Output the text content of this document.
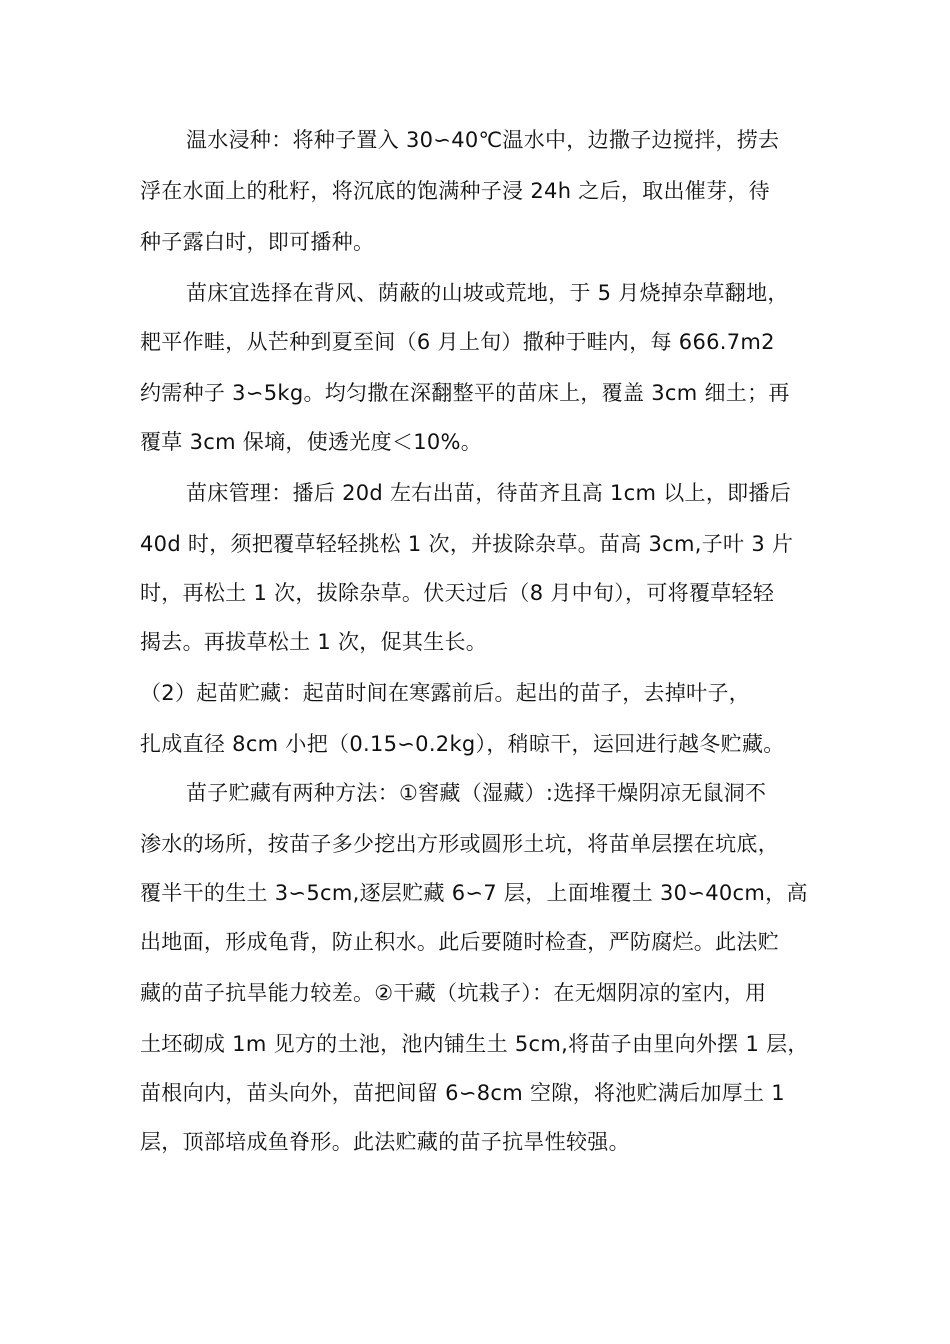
温水浸种：将种子置入 30∽40℃温水中，边撒子边搅拌，捞去
浮在水面上的秕籽，将沉底的饱满种子浸 24h 之后，取出催芽，待
种子露白时，即可播种。
苗床宜选择在背风、荫蔽的山坡或荒地，于 5 月烧掉杂草翻地，
耙平作畦，从芒种到夏至间（6 月上旬）撒种于畦内，每 666.7m2
约需种子 3∽5kg。均匀撒在深翻整平的苗床上，覆盖 3cm 细土；再
覆草 3cm 保墒，使透光度＜10%。
苗床管理：播后 20d 左右出苗，待苗齐且高 1cm 以上，即播后
40d 时，须把覆草轻轻挑松 1 次，并拔除杂草。苗高 3cm,子叶 3 片
时，再松土 1 次，拔除杂草。伏天过后（8 月中旬），可将覆草轻轻
揭去。再拔草松土 1 次，促其生长。
（2）起苗贮藏：起苗时间在寒露前后。起出的苗子，去掉叶子，
扎成直径 8cm 小把（0.15∽0.2kg），稍晾干，运回进行越冬贮藏。
苗子贮藏有两种方法：①窖藏（湿藏）:选择干燥阴凉无鼠洞不
渗水的场所，按苗子多少挖出方形或圆形土坑，将苗单层摆在坑底，
覆半干的生土 3∽5cm,逐层贮藏 6∽7 层，上面堆覆土 30∽40cm，高
出地面，形成龟背，防止积水。此后要随时检查，严防腐烂。此法贮
藏的苗子抗旱能力较差。②干藏（坑栽子）：在无烟阴凉的室内，用
土坯砌成 1m 见方的土池，池内铺生土 5cm,将苗子由里向外摆 1 层，
苗根向内，苗头向外，苗把间留 6∽8cm 空隙，将池贮满后加厚土 1
层，顶部培成鱼脊形。此法贮藏的苗子抗旱性较强。
